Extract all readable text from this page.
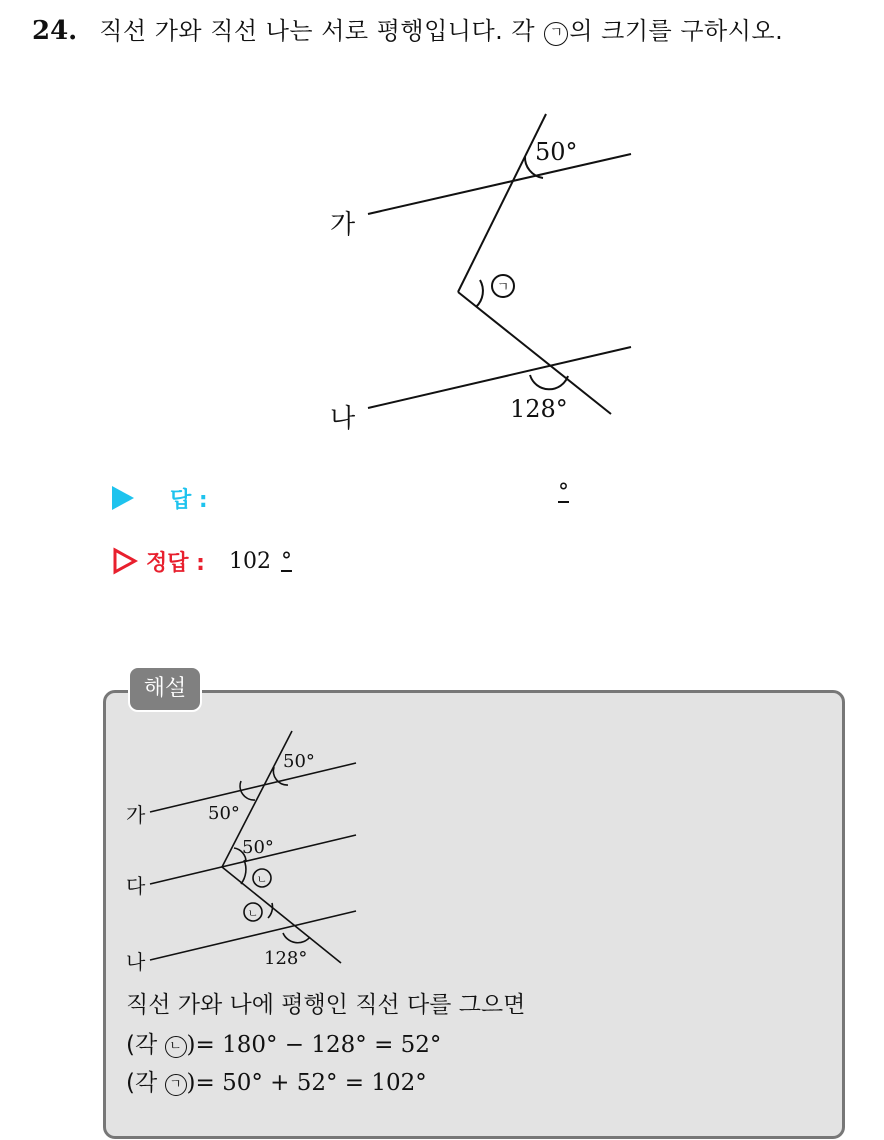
24. 직선 가와 직선 나는 서로 평행입니다. 각 ㄱ 의 크기를 구하시오.
가
나
50°
ㄱ
128°
답 :	°
정답 : 102 °
해설
가
다
나
50°
50°
50°
ㄴ
ㄴ
128°
직선 가와 나에 평행인 직선 다를 그으면
(각 ㄴ )= 180° − 128° = 52°
(각 ㄱ )= 50° + 52° = 102°
